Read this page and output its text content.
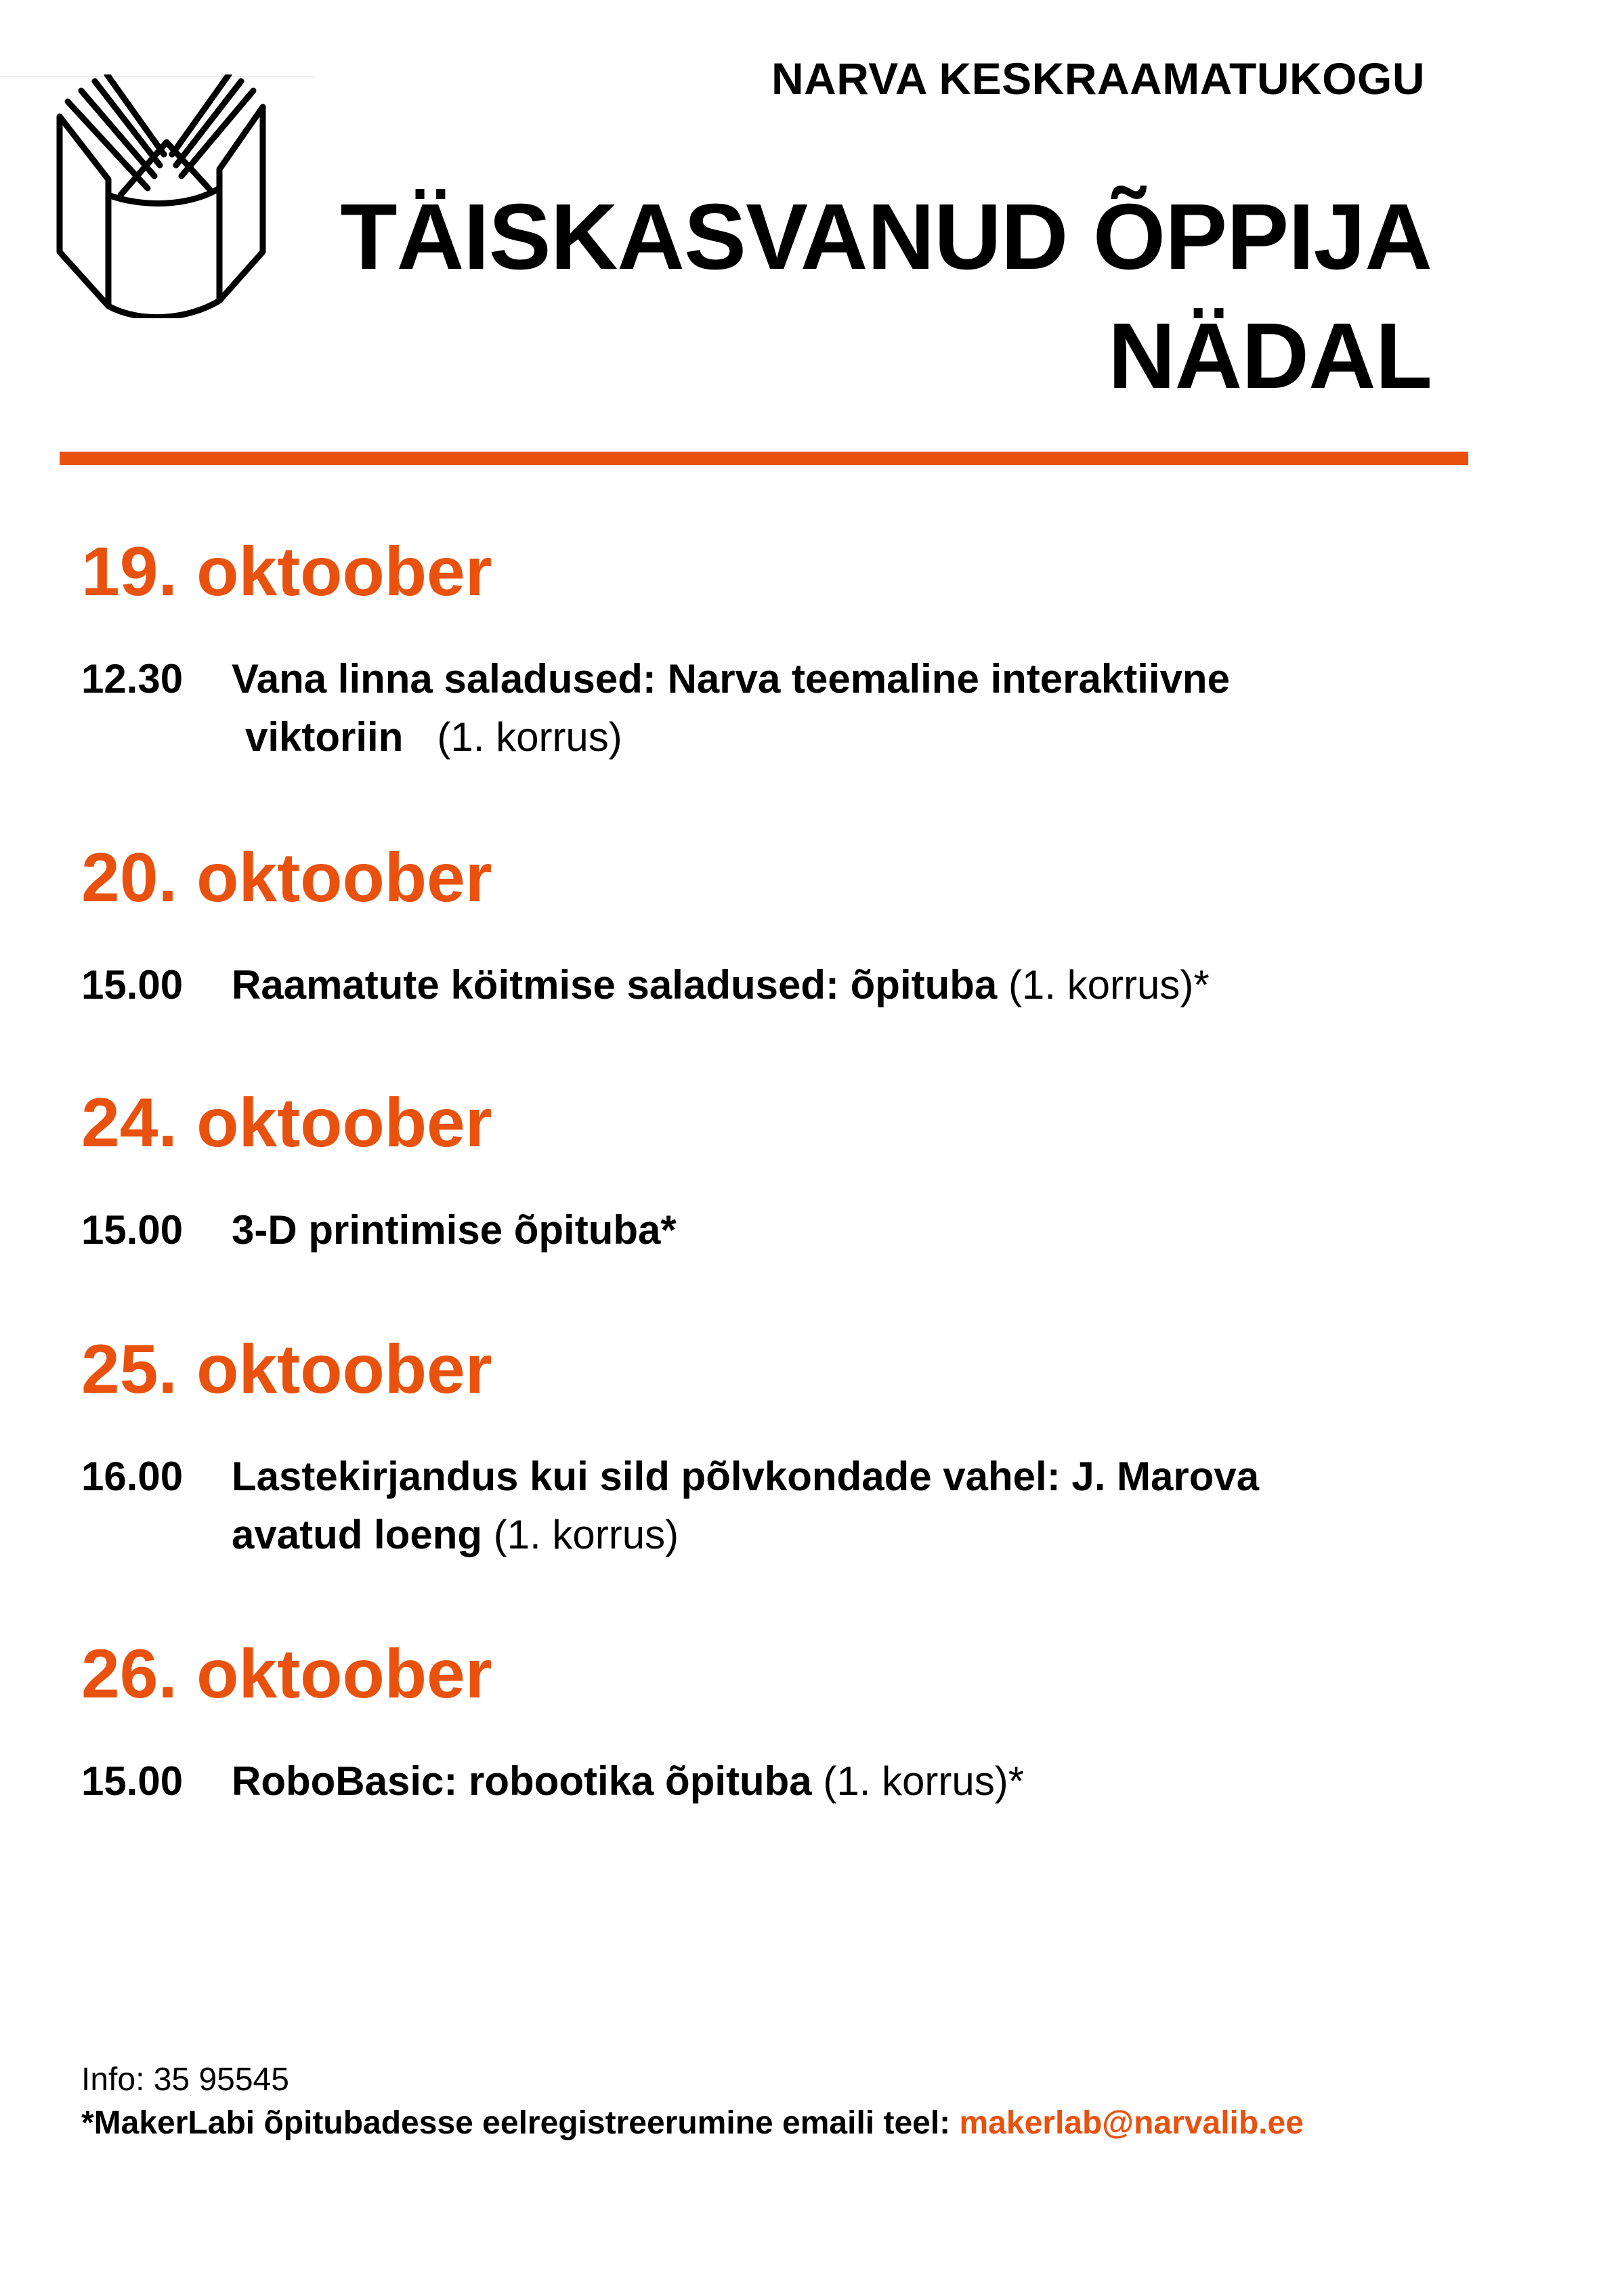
NARVA KESKRAAMATUKOGU
TÄISKASVANUD ÕPPIJA
NÄDAL
19. oktoober
12.30 Vana linna saladused: Narva teemaline interaktiivne
viktoriin (1. korrus)
20. oktoober
15.00 Raamatute köitmise saladused: õpituba (1. korrus)*
24. oktoober
15.00 3-D printimise õpituba*
25. oktoober
16.00 Lastekirjandus kui sild põlvkondade vahel: J. Marova
avatud loeng (1. korrus)
26. oktoober
15.00 RoboBasic: robootika õpituba (1. korrus)*
Info: 35 95545
*MakerLabi õpitubadesse eelregistreerumine emaili teel: makerlab@narvalib.ee
